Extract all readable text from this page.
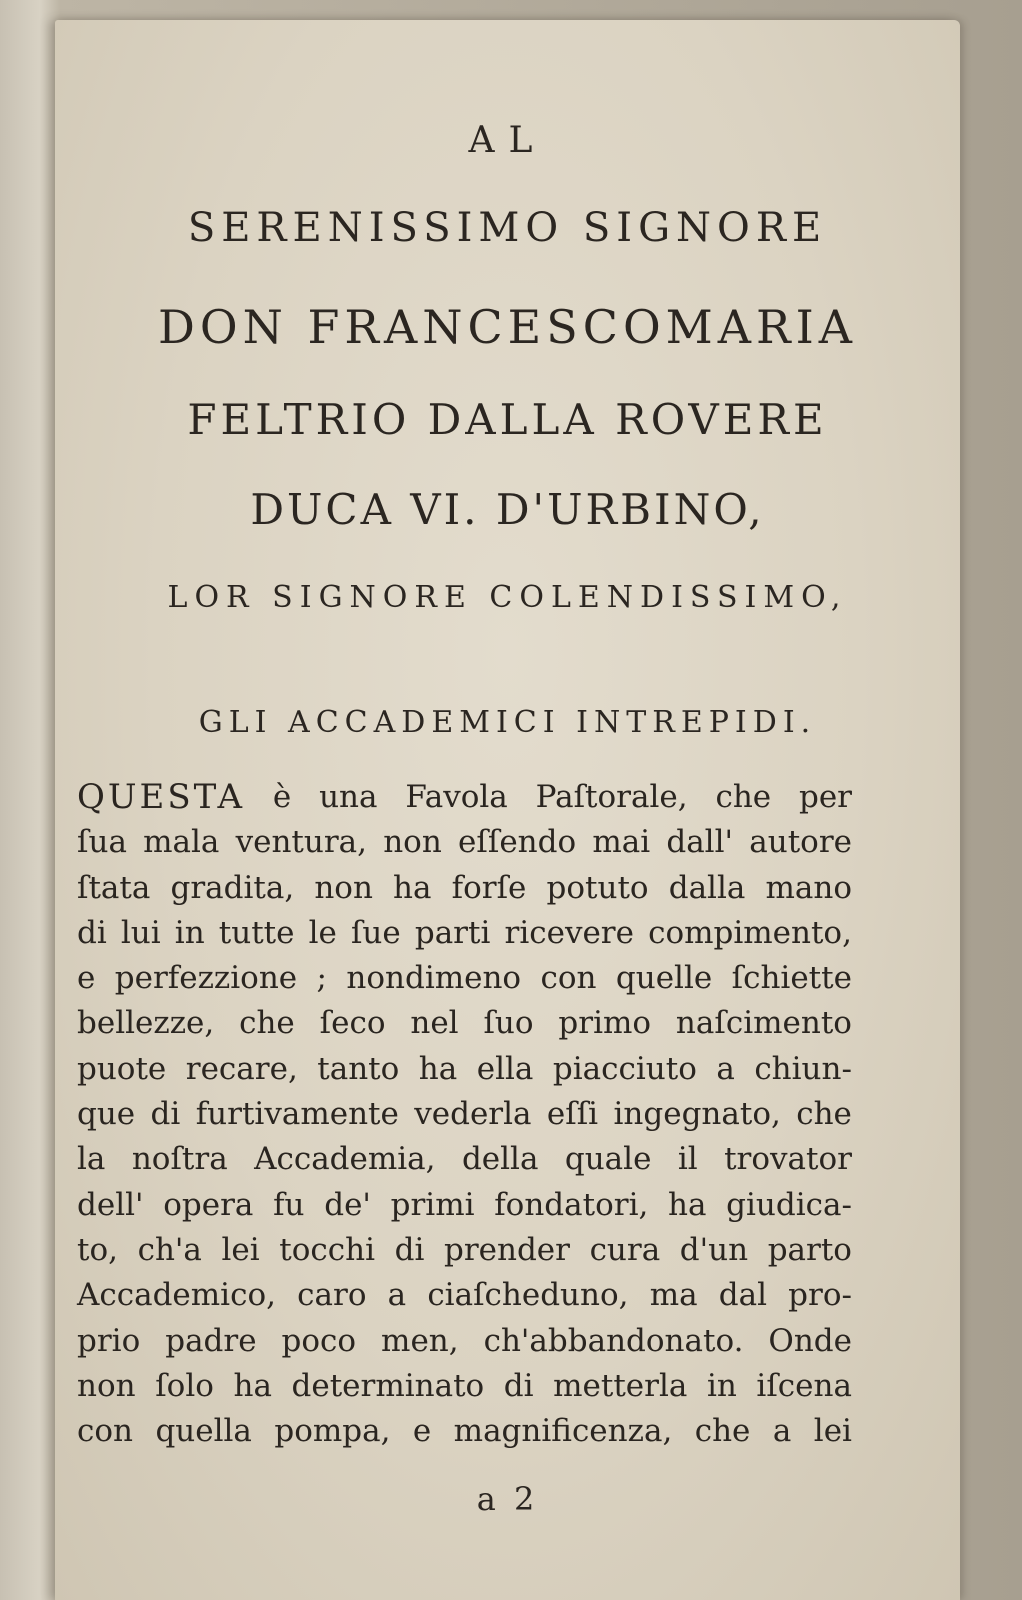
AL
SERENISSIMO SIGNORE
DON FRANCESCOMARIA
FELTRIO DALLA ROVERE
DUCA VI. D'URBINO,
LOR SIGNORE COLENDISSIMO,
GLI ACCADEMICI INTREPIDI.
QUESTA è una Favola Paſtorale, che per
ſua mala ventura, non eſſendo mai dall' autore
ſtata gradita, non ha forſe potuto dalla mano
di lui in tutte le ſue parti ricevere compimento,
e perfezzione ; nondimeno con quelle ſchiette
bellezze, che ſeco nel ſuo primo naſcimento
puote recare, tanto ha ella piacciuto a chiun-
que di furtivamente vederla eſſi ingegnato, che
la noſtra Accademia, della quale il trovator
dell' opera fu de' primi fondatori, ha giudica-
to, ch'a lei tocchi di prender cura d'un parto
Accademico, caro a ciaſcheduno, ma dal pro-
prio padre poco men, ch'abbandonato. Onde
non ſolo ha determinato di metterla in iſcena
con quella pompa, e magnificenza, che a lei
a 2
